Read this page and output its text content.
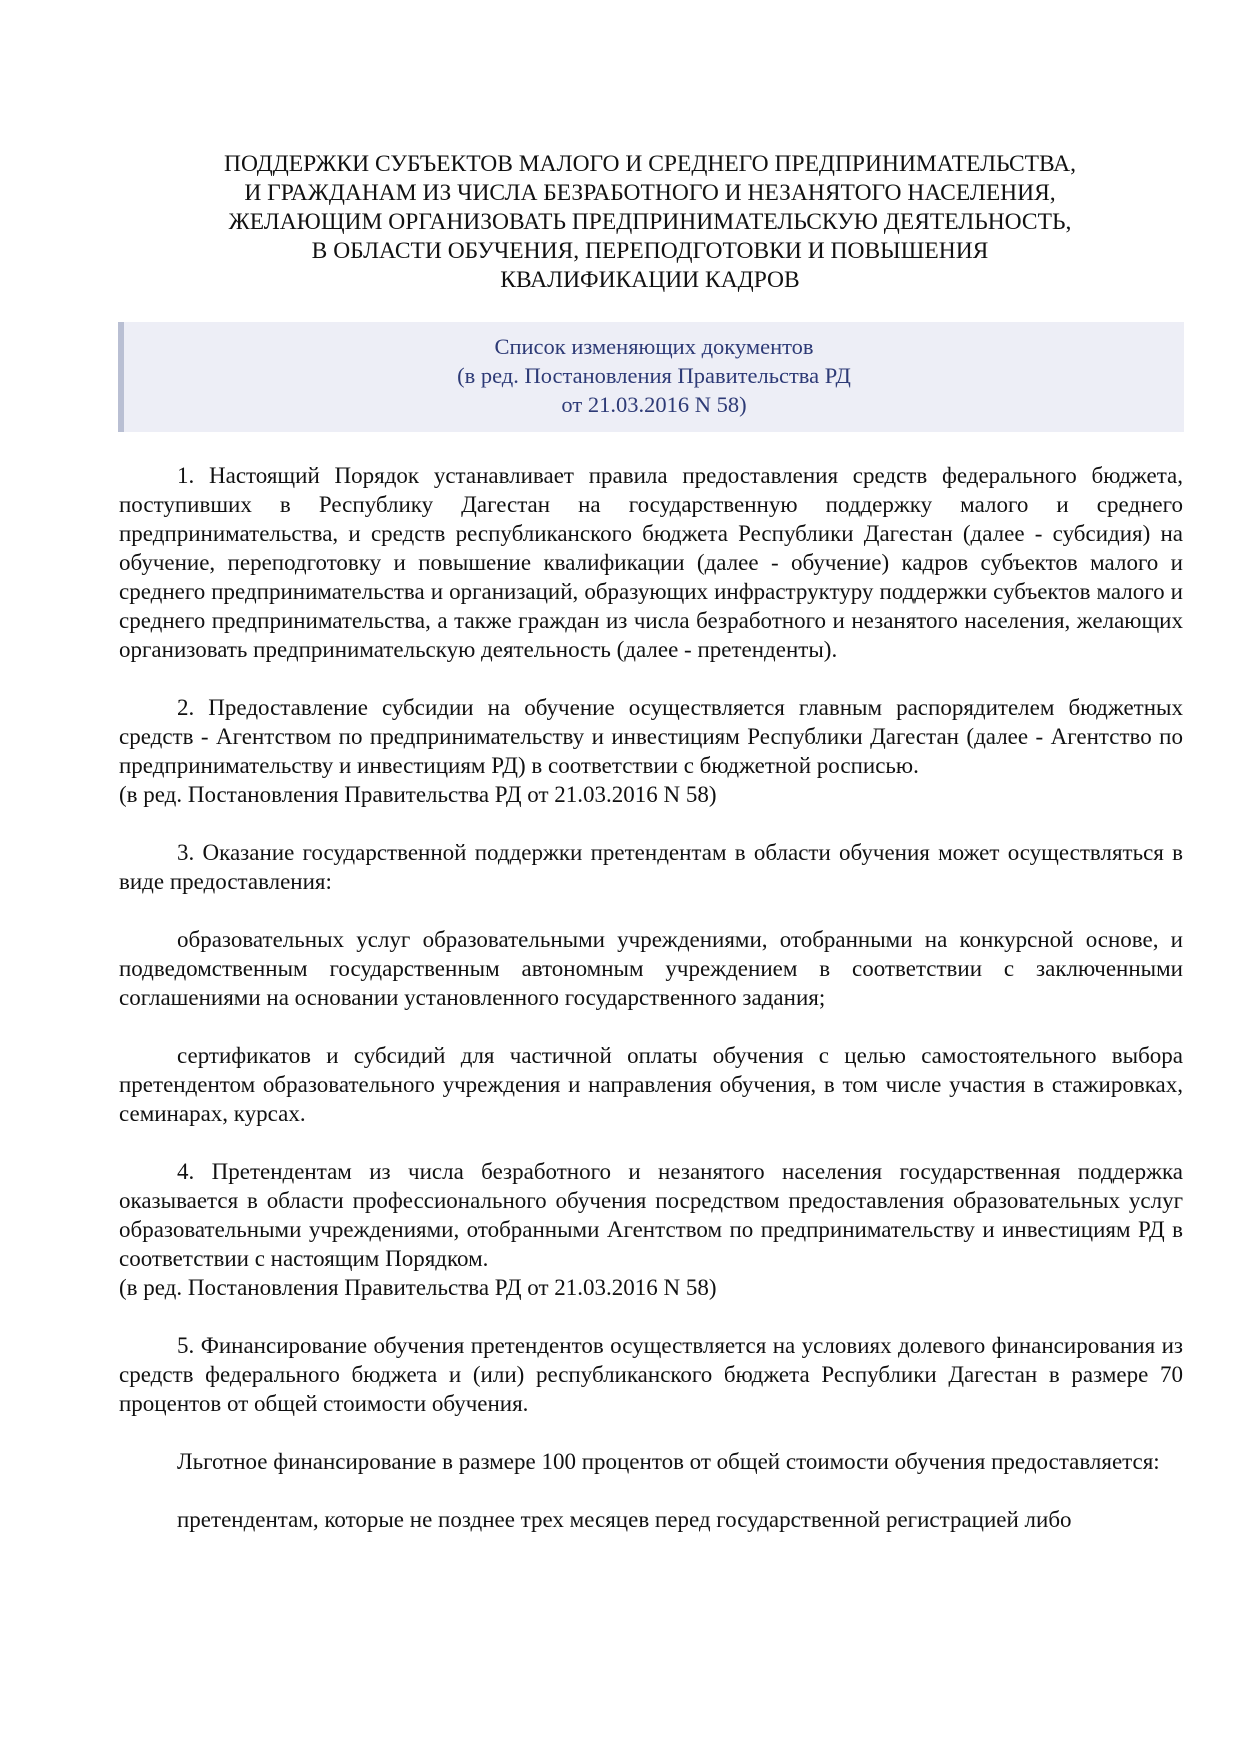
ПОДДЕРЖКИ СУБЪЕКТОВ МАЛОГО И СРЕДНЕГО ПРЕДПРИНИМАТЕЛЬСТВА,
И ГРАЖДАНАМ ИЗ ЧИСЛА БЕЗРАБОТНОГО И НЕЗАНЯТОГО НАСЕЛЕНИЯ,
ЖЕЛАЮЩИМ ОРГАНИЗОВАТЬ ПРЕДПРИНИМАТЕЛЬСКУЮ ДЕЯТЕЛЬНОСТЬ,
В ОБЛАСТИ ОБУЧЕНИЯ, ПЕРЕПОДГОТОВКИ И ПОВЫШЕНИЯ
КВАЛИФИКАЦИИ КАДРОВ
Список изменяющих документов
(в ред. Постановления Правительства РД
от 21.03.2016 N 58)

1. Настоящий Порядок устанавливает правила предоставления средств федерального бюджета, поступивших в Республику Дагестан на государственную поддержку малого и среднего предпринимательства, и средств республиканского бюджета Республики Дагестан (далее - субсидия) на обучение, переподготовку и повышение квалификации (далее - обучение) кадров субъектов малого и среднего предпринимательства и организаций, образующих инфраструктуру поддержки субъектов малого и среднего предпринимательства, а также граждан из числа безработного и незанятого населения, желающих организовать предпринимательскую деятельность (далее - претенденты).

2. Предоставление субсидии на обучение осуществляется главным распорядителем бюджетных средств - Агентством по предпринимательству и инвестициям Республики Дагестан (далее - Агентство по предпринимательству и инвестициям РД) в соответствии с бюджетной росписью.

(в ред. Постановления Правительства РД от 21.03.2016 N 58)

3. Оказание государственной поддержки претендентам в области обучения может осуществляться в виде предоставления:

образовательных услуг образовательными учреждениями, отобранными на конкурсной основе, и подведомственным государственным автономным учреждением в соответствии с заключенными соглашениями на основании установленного государственного задания;

сертификатов и субсидий для частичной оплаты обучения с целью самостоятельного выбора претендентом образовательного учреждения и направления обучения, в том числе участия в стажировках, семинарах, курсах.

4. Претендентам из числа безработного и незанятого населения государственная поддержка оказывается в области профессионального обучения посредством предоставления образовательных услуг образовательными учреждениями, отобранными Агентством по предпринимательству и инвестициям РД в соответствии с настоящим Порядком.

(в ред. Постановления Правительства РД от 21.03.2016 N 58)

5. Финансирование обучения претендентов осуществляется на условиях долевого финансирования из средств федерального бюджета и (или) республиканского бюджета Республики Дагестан в размере 70 процентов от общей стоимости обучения.

Льготное финансирование в размере 100 процентов от общей стоимости обучения предоставляется:

претендентам, которые не позднее трех месяцев перед государственной регистрацией либо
